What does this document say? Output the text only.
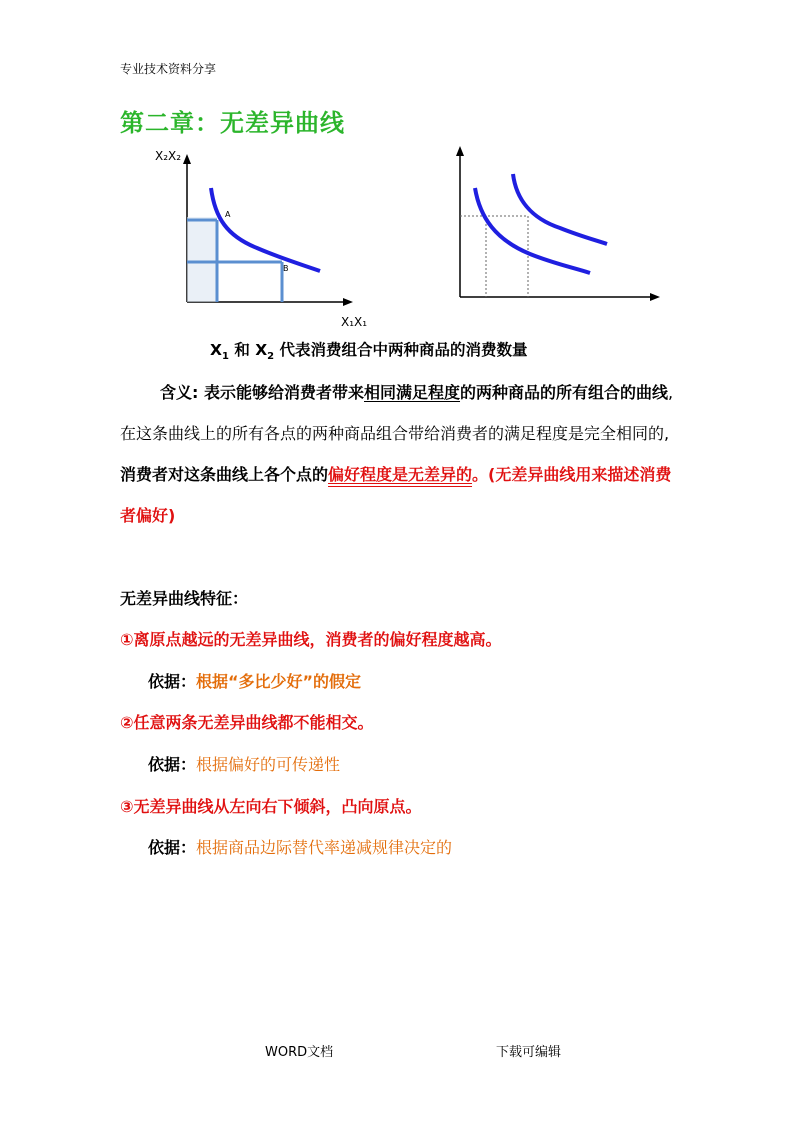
专业技术资料分享
第二章：无差异曲线
X₂X₂
X₁X₁
A
B
$X_1$ 和 $X_2$ 代表消费组合中两种商品的消费数量
含义: 表示能够给消费者带来相同满足程度的两种商品的所有组合的曲线, 在这条曲线上的所有各点的两种商品组合带给消费者的满足程度是完全相同的, 消费者对这条曲线上各个点的偏好程度是无差异的。(无差异曲线用来描述消费者偏好)
无差异曲线特征：
①离原点越远的无差异曲线，消费者的偏好程度越高。
依据：根据“多比少好”的假定
②任意两条无差异曲线都不能相交。
依据：根据偏好的可传递性
③无差异曲线从左向右下倾斜，凸向原点。
依据：根据商品边际替代率递减规律决定的
WORD文档	下载可编辑
